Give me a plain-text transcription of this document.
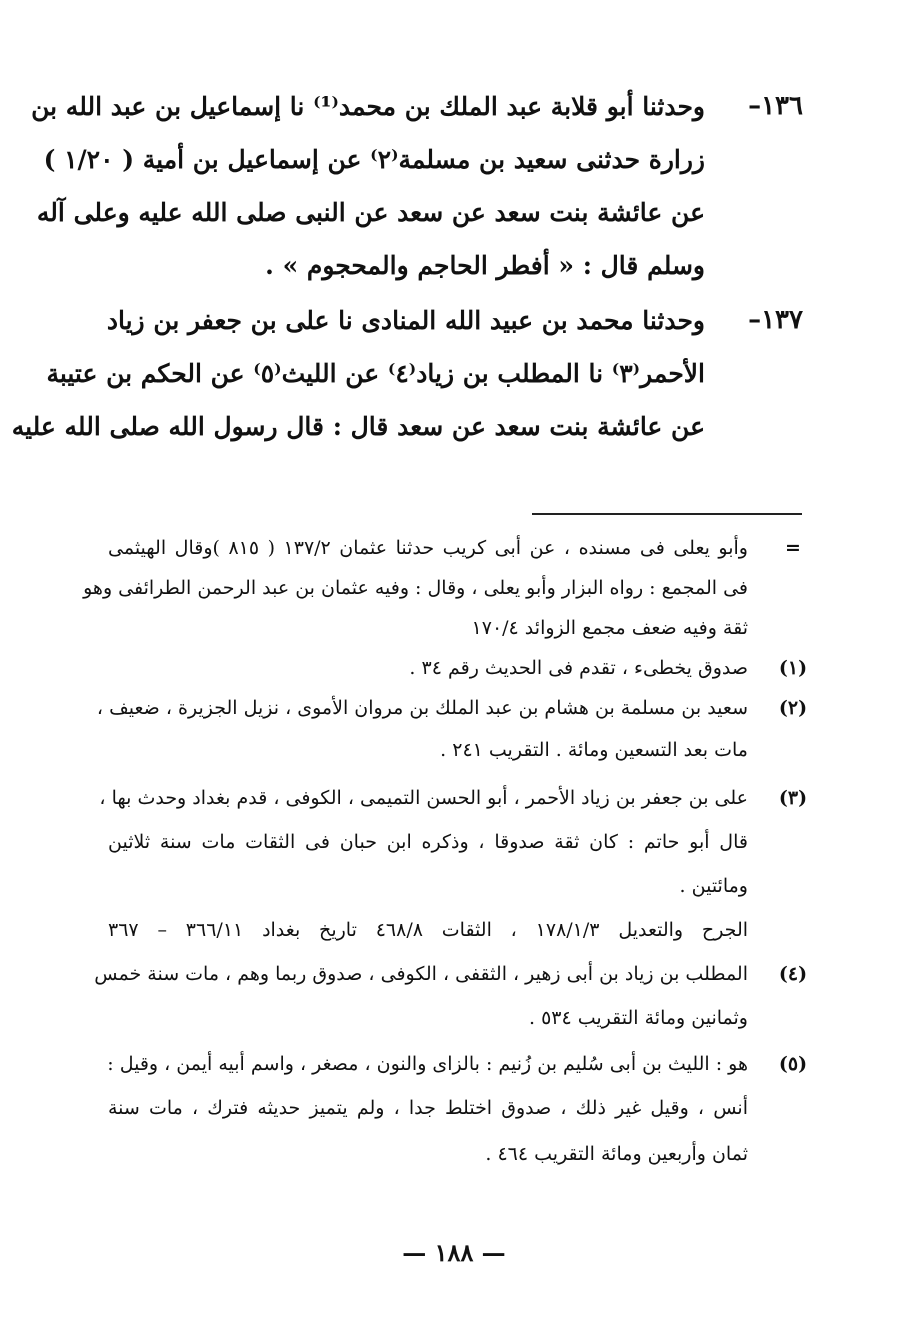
١٣٦–
وحدثنا أبو قلابة عبد الملك بن محمد⁽¹⁾ نا إسماعيل بن عبد الله بن
زرارة حدثنى سعيد بن مسلمة⁽٢⁾ عن إسماعيل بن أمية ( ١/٢٠ )
عن عائشة بنت سعد عن سعد عن النبى صلى الله عليه وعلى آله
وسلم قال : « أفطر الحاجم والمحجوم » .
١٣٧–
وحدثنا محمد بن عبيد الله المنادى نا على بن جعفر بن زياد
الأحمر⁽٣⁾ نا المطلب بن زياد⁽٤⁾ عن الليث⁽٥⁾ عن الحكم بن عتيبة
عن عائشة بنت سعد عن سعد قال : قال رسول الله صلى الله عليه
=
وأبو يعلى فى مسنده ، عن أبى كريب حدثنا عثمان ١٣٧/٢ ( ٨١٥ )وقال الهيثمى
فى المجمع : رواه البزار وأبو يعلى ، وقال : وفيه عثمان بن عبد الرحمن الطرائفى وهو
ثقة وفيه ضعف مجمع الزوائد ١٧٠/٤
(١)
صدوق يخطىء ، تقدم فى الحديث رقم ٣٤ .
(٢)
سعيد بن مسلمة بن هشام بن عبد الملك بن مروان الأموى ، نزيل الجزيرة ، ضعيف ،
مات بعد التسعين ومائة . التقريب ٢٤١ .
(٣)
على بن جعفر بن زياد الأحمر ، أبو الحسن التميمى ، الكوفى ، قدم بغداد وحدث بها ،
قال أبو حاتم : كان ثقة صدوقا ، وذكره ابن حبان فى الثقات مات سنة ثلاثين
ومائتين .
الجرح والتعديل ١٧٨/١/٣ ، الثقات ٤٦٨/٨ تاريخ بغداد ٣٦٦/١١ – ٣٦٧
(٤)
المطلب بن زياد بن أبى زهير ، الثقفى ، الكوفى ، صدوق ربما وهم ، مات سنة خمس
وثمانين ومائة التقريب ٥٣٤ .
(٥)
هو : الليث بن أبى سُليم بن زُنيم : بالزاى والنون ، مصغر ، واسم أبيه أيمن ، وقيل :
أنس ، وقيل غير ذلك ، صدوق اختلط جدا ، ولم يتميز حديثه فترك ، مات سنة
ثمان وأربعين ومائة التقريب ٤٦٤ .
— ١٨٨ —
